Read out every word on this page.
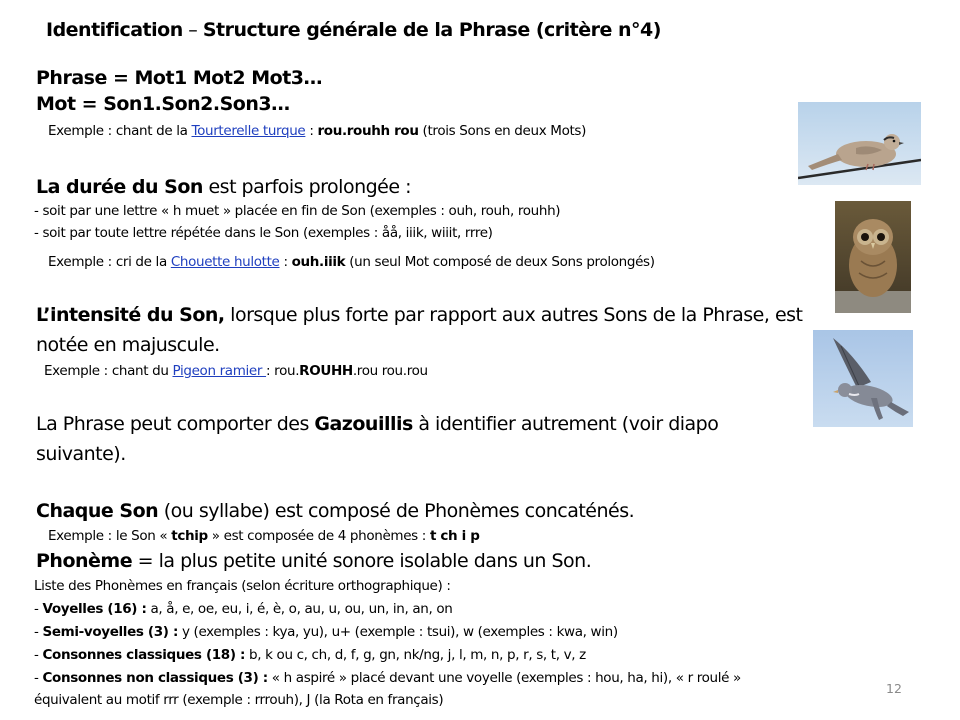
Identification – Structure générale de la Phrase (critère n°4)
Phrase = Mot1 Mot2 Mot3…
Mot = Son1.Son2.Son3…
Exemple : chant de la Tourterelle turque : rou.rouhh rou (trois Sons en deux Mots)
La durée du Son est parfois prolongée :
- soit par une lettre « h muet » placée en fin de Son (exemples : ouh, rouh, rouhh)
- soit par toute lettre répétée dans le Son (exemples : åå, iiik, wiiit, rrre)
Exemple : cri de la Chouette hulotte : ouh.iiik (un seul Mot composé de deux Sons prolongés)
L’intensité du Son, lorsque plus forte par rapport aux autres Sons de la Phrase, est
notée en majuscule.
Exemple : chant du Pigeon ramier : rou.ROUHH.rou rou.rou
La Phrase peut comporter des Gazouillis à identifier autrement (voir diapo
suivante).
Chaque Son (ou syllabe) est composé de Phonèmes concaténés.
Exemple : le Son « tchip » est composée de 4 phonèmes : t ch i p
Phonème = la plus petite unité sonore isolable dans un Son.
Liste des Phonèmes en français (selon écriture orthographique) :
- Voyelles (16) : a, å, e, oe, eu, i, é, è, o, au, u, ou, un, in, an, on
- Semi-voyelles (3) : y (exemples : kya, yu), u+ (exemple : tsui), w (exemples : kwa, win)
- Consonnes classiques (18) : b, k ou c, ch, d, f, g, gn, nk/ng, j, l, m, n, p, r, s, t, v, z
- Consonnes non classiques (3) : « h aspiré » placé devant une voyelle (exemples : hou, ha, hi), « r roulé »
équivalent au motif rrr (exemple : rrrouh), J (la Rota en français)
12
